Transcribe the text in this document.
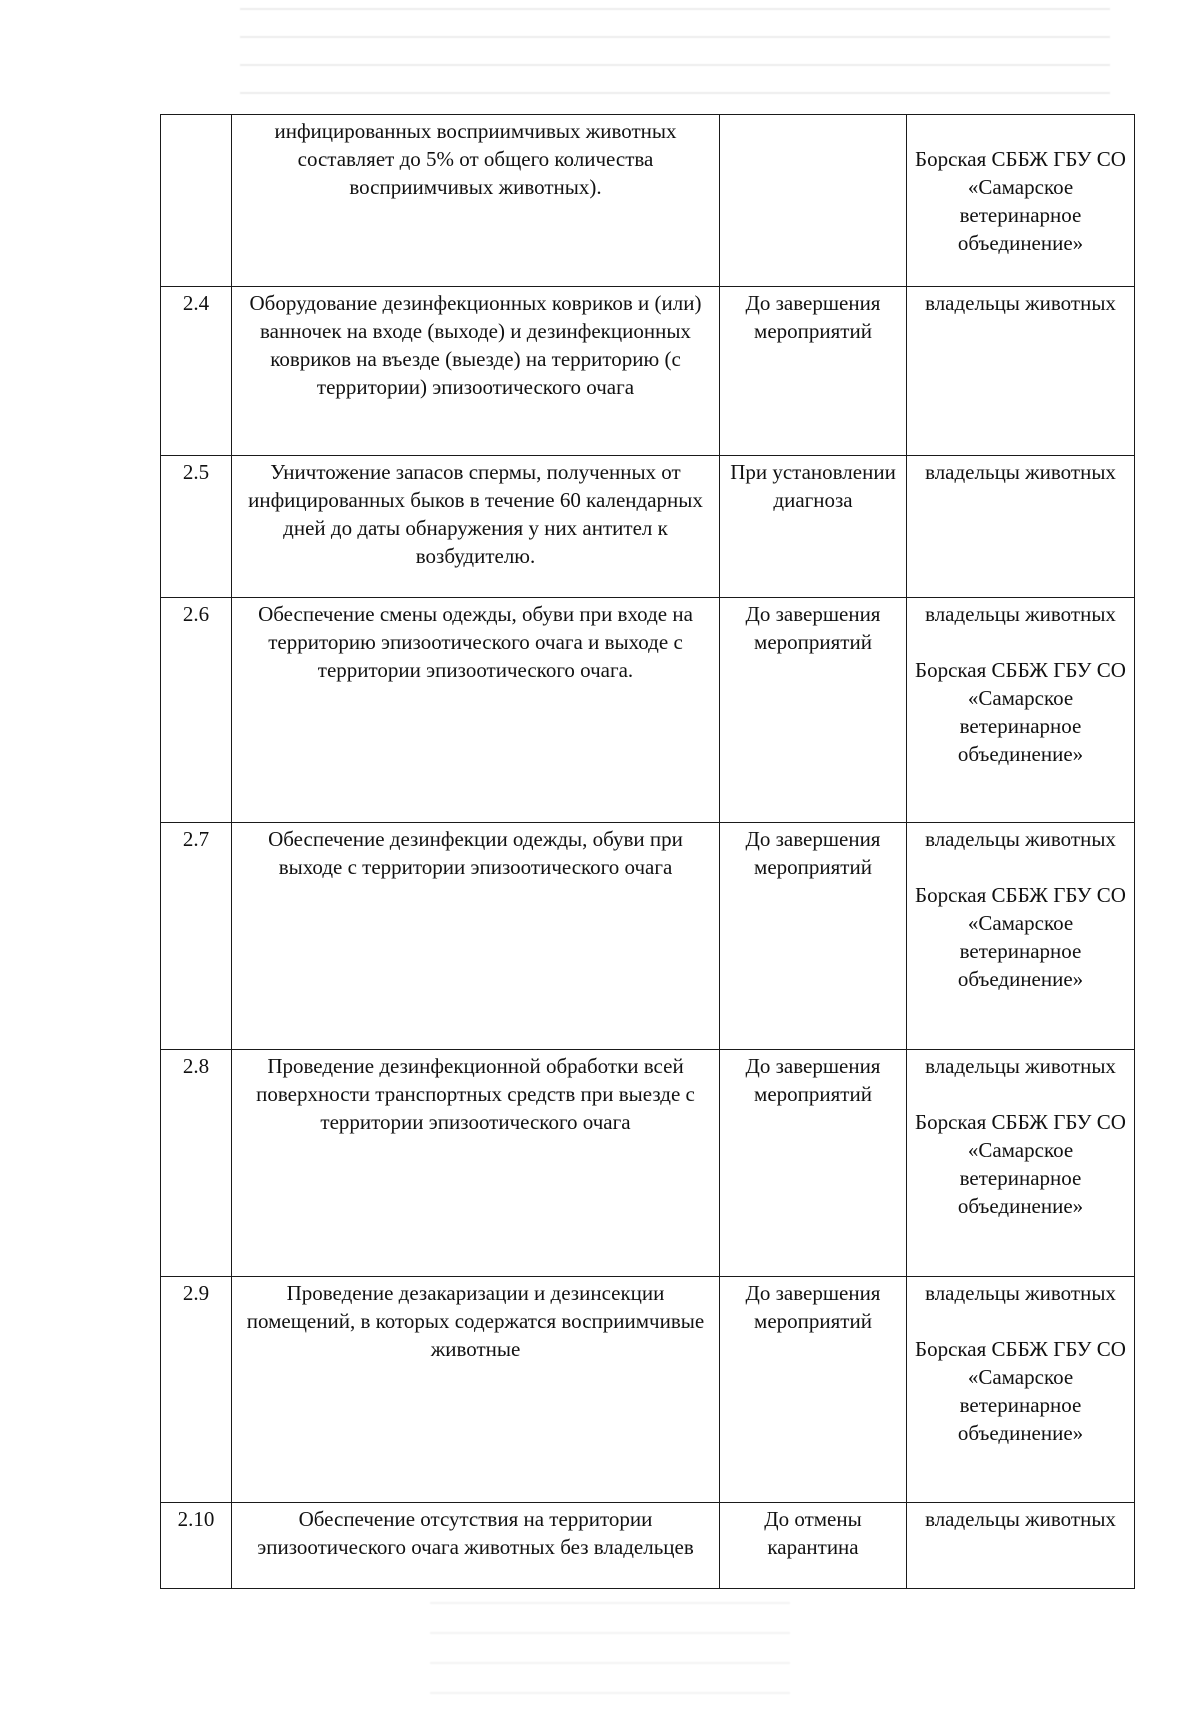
	инфицированных восприимчивых животных составляет до 5% от общего количества восприимчивых животных).		Борская СББЖ ГБУ СО «Самарское ветеринарное объединение»

2.4	Оборудование дезинфекционных ковриков и (или) ванночек на входе (выходе) и дезинфекционных ковриков на въезде (выезде) на территорию (с территории) эпизоотического очага	До завершения мероприятий	владельцы животных

2.5	Уничтожение запасов спермы, полученных от инфицированных быков в течение 60 календарных дней до даты обнаружения у них антител к возбудителю.	При установлении диагноза	владельцы животных

2.6	Обеспечение смены одежды, обуви при входе на территорию эпизоотического очага и выходе с территории эпизоотического очага.	До завершения мероприятий	владельцы животных
Борская СББЖ ГБУ СО «Самарское ветеринарное объединение»

2.7	Обеспечение дезинфекции одежды, обуви при выходе с территории эпизоотического очага	До завершения мероприятий	владельцы животных
Борская СББЖ ГБУ СО «Самарское ветеринарное объединение»

2.8	Проведение дезинфекционной обработки всей поверхности транспортных средств при выезде с территории эпизоотического очага	До завершения мероприятий	владельцы животных
Борская СББЖ ГБУ СО «Самарское ветеринарное объединение»

2.9	Проведение дезакаризации и дезинсекции помещений, в которых содержатся восприимчивые животные	До завершения мероприятий	владельцы животных
Борская СББЖ ГБУ СО «Самарское ветеринарное объединение»

2.10	Обеспечение отсутствия на территории эпизоотического очага животных без владельцев	До отмены карантина	владельцы животных
